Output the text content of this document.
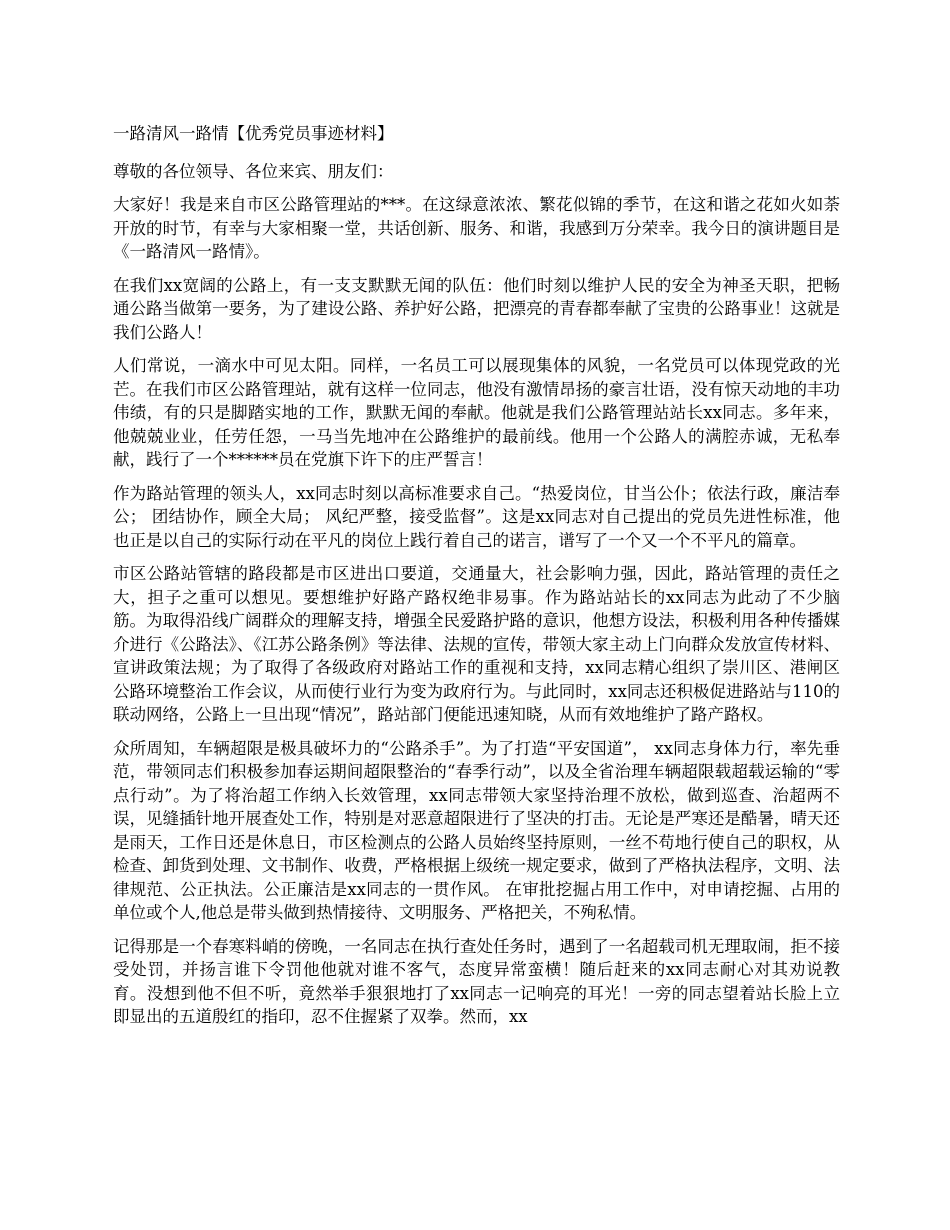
一路清风一路情【优秀党员事迹材料】

尊敬的各位领导、各位来宾、朋友们：

大家好！我是来自市区公路管理站的***。在这绿意浓浓、繁花似锦的季节，在这和谐之花如火如荼开放的时节，有幸与大家相聚一堂，共话创新、服务、和谐，我感到万分荣幸。我今日的演讲题目是《一路清风一路情》。

在我们xx宽阔的公路上，有一支支默默无闻的队伍：他们时刻以维护人民的安全为神圣天职，把畅通公路当做第一要务，为了建设公路、养护好公路，把漂亮的青春都奉献了宝贵的公路事业！这就是我们公路人！

人们常说，一滴水中可见太阳。同样，一名员工可以展现集体的风貌，一名党员可以体现党政的光芒。在我们市区公路管理站，就有这样一位同志，他没有激情昂扬的豪言壮语，没有惊天动地的丰功伟绩，有的只是脚踏实地的工作，默默无闻的奉献。他就是我们公路管理站站长xx同志。多年来，他兢兢业业，任劳任怨，一马当先地冲在公路维护的最前线。他用一个公路人的满腔赤诚，无私奉献，践行了一个******员在党旗下许下的庄严誓言！

作为路站管理的领头人，xx同志时刻以高标准要求自己。“热爱岗位，甘当公仆；依法行政，廉洁奉公； 团结协作，顾全大局； 风纪严整，接受监督”。这是xx同志对自己提出的党员先进性标准，他也正是以自己的实际行动在平凡的岗位上践行着自己的诺言，谱写了一个又一个不平凡的篇章。

市区公路站管辖的路段都是市区进出口要道，交通量大，社会影响力强，因此，路站管理的责任之大，担子之重可以想见。要想维护好路产路权绝非易事。作为路站站长的xx同志为此动了不少脑筋。为取得沿线广阔群众的理解支持，增强全民爱路护路的意识，他想方设法，积极利用各种传播媒介进行《公路法》、《江苏公路条例》等法律、法规的宣传，带领大家主动上门向群众发放宣传材料、宣讲政策法规；为了取得了各级政府对路站工作的重视和支持，xx同志精心组织了崇川区、港闸区公路环境整治工作会议，从而使行业行为变为政府行为。与此同时，xx同志还积极促进路站与110的联动网络，公路上一旦出现“情况”，路站部门便能迅速知晓，从而有效地维护了路产路权。

众所周知，车辆超限是极具破坏力的“公路杀手”。为了打造“平安国道”， xx同志身体力行，率先垂范，带领同志们积极参加春运期间超限整治的“春季行动”，以及全省治理车辆超限载超载运输的“零点行动”。为了将治超工作纳入长效管理，xx同志带领大家坚持治理不放松，做到巡查、治超两不误，见缝插针地开展查处工作，特别是对恶意超限进行了坚决的打击。无论是严寒还是酷暑，晴天还是雨天，工作日还是休息日，市区检测点的公路人员始终坚持原则，一丝不苟地行使自己的职权，从检查、卸货到处理、文书制作、收费，严格根据上级统一规定要求，做到了严格执法程序，文明、法律规范、公正执法。公正廉洁是xx同志的一贯作风。 在审批挖掘占用工作中，对申请挖掘、占用的单位或个人,他总是带头做到热情接待、文明服务、严格把关，不殉私情。

记得那是一个春寒料峭的傍晚，一名同志在执行查处任务时，遇到了一名超载司机无理取闹，拒不接受处罚，并扬言谁下令罚他他就对谁不客气，态度异常蛮横！随后赶来的xx同志耐心对其劝说教育。没想到他不但不听，竟然举手狠狠地打了xx同志一记响亮的耳光！一旁的同志望着站长脸上立即显出的五道殷红的指印，忍不住握紧了双拳。然而，xx
